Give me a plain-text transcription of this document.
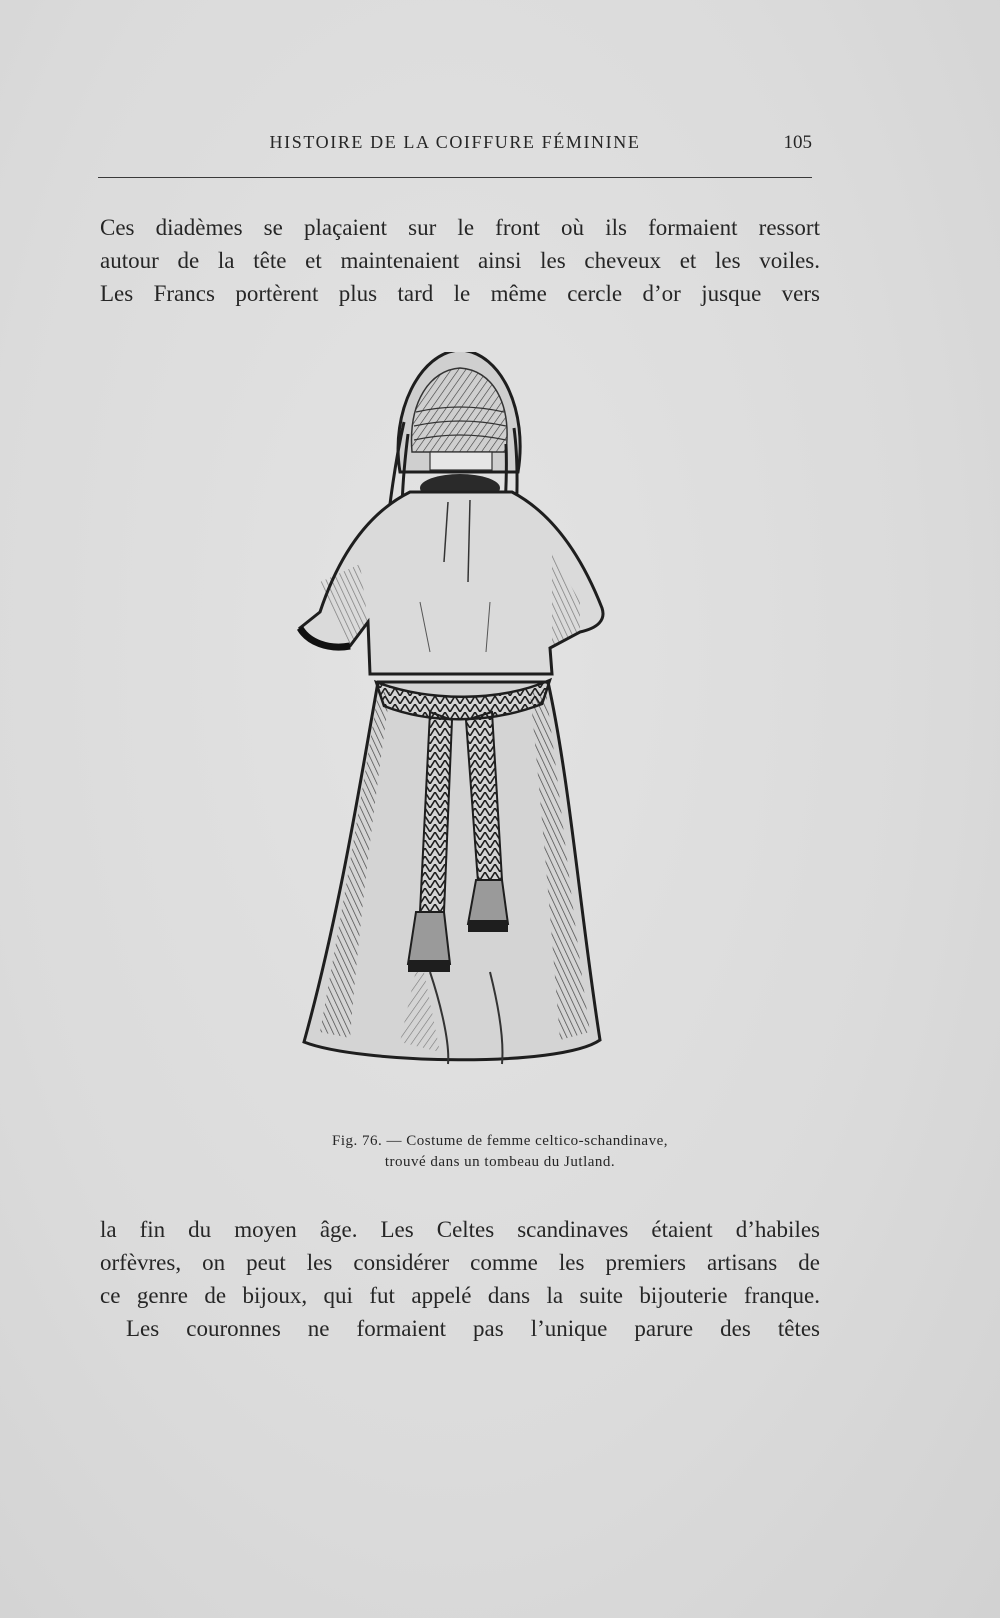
HISTOIRE DE LA COIFFURE FÉMININE	105

Ces diadèmes se plaçaient sur le front où ils formaient ressort
autour de la tête et maintenaient ainsi les cheveux et les voiles.
Les Francs portèrent plus tard le même cercle d’or jusque vers

Fig. 76. — Costume de femme celtico-schandinave,
trouvé dans un tombeau du Jutland.

la fin du moyen âge. Les Celtes scandinaves étaient d’habiles
orfèvres, on peut les considérer comme les premiers artisans de
ce genre de bijoux, qui fut appelé dans la suite bijouterie franque.

Les couronnes ne formaient pas l’unique parure des têtes
